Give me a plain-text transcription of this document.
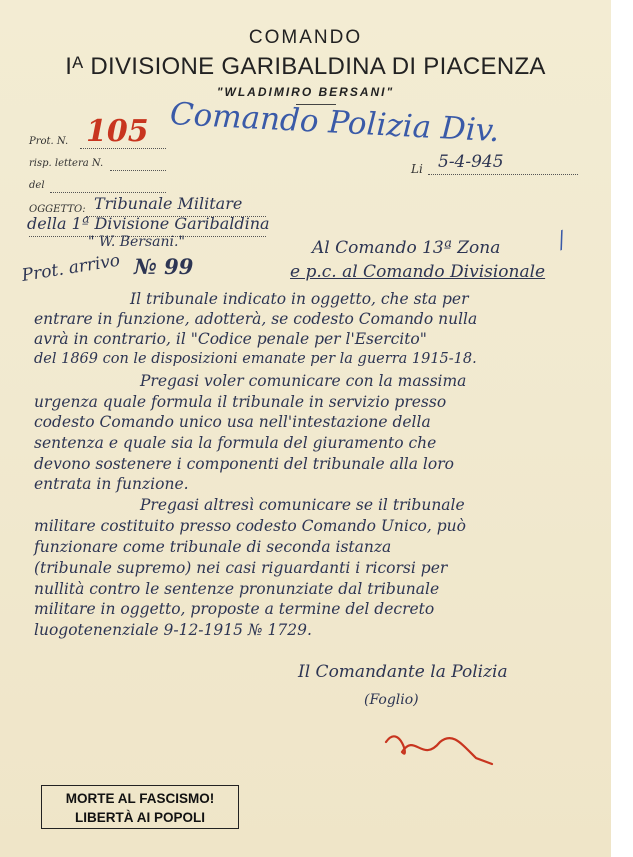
COMANDO
Iᴬ DIVISIONE GARIBALDINA DI PIACENZA
"WLADIMIRO BERSANI"
Comando Polizia Div.
Prot. N. 105
risp. lettera N.
del
Li 5-4-945
OGGETTO: Tribunale Militare
della 1ª Divisione Garibaldina
" W. Bersani."
Prot. arrivo № 99
Al Comando 13ª Zona /
e p.c. al Comando Divisionale
Il tribunale indicato in oggetto, che sta per
entrare in funzione, adotterà, se codesto Comando nulla
avrà in contrario, il "Codice penale per l'Esercito"
del 1869 con le disposizioni emanate per la guerra 1915-18.
Pregasi voler comunicare con la massima
urgenza quale formula il tribunale in servizio presso
codesto Comando unico usa nell'intestazione della
sentenza e quale sia la formula del giuramento che
devono sostenere i componenti del tribunale alla loro
entrata in funzione.
Pregasi altresì comunicare se il tribunale
militare costituito presso codesto Comando Unico, può
funzionare come tribunale di seconda istanza
(tribunale supremo) nei casi riguardanti i ricorsi per
nullità contro le sentenze pronunziate dal tribunale
militare in oggetto, proposte a termine del decreto
luogotenenziale 9-12-1915 № 1729.
Il Comandante la Polizia
(Foglio)
MORTE AL FASCISMO!
LIBERTÀ AI POPOLI
